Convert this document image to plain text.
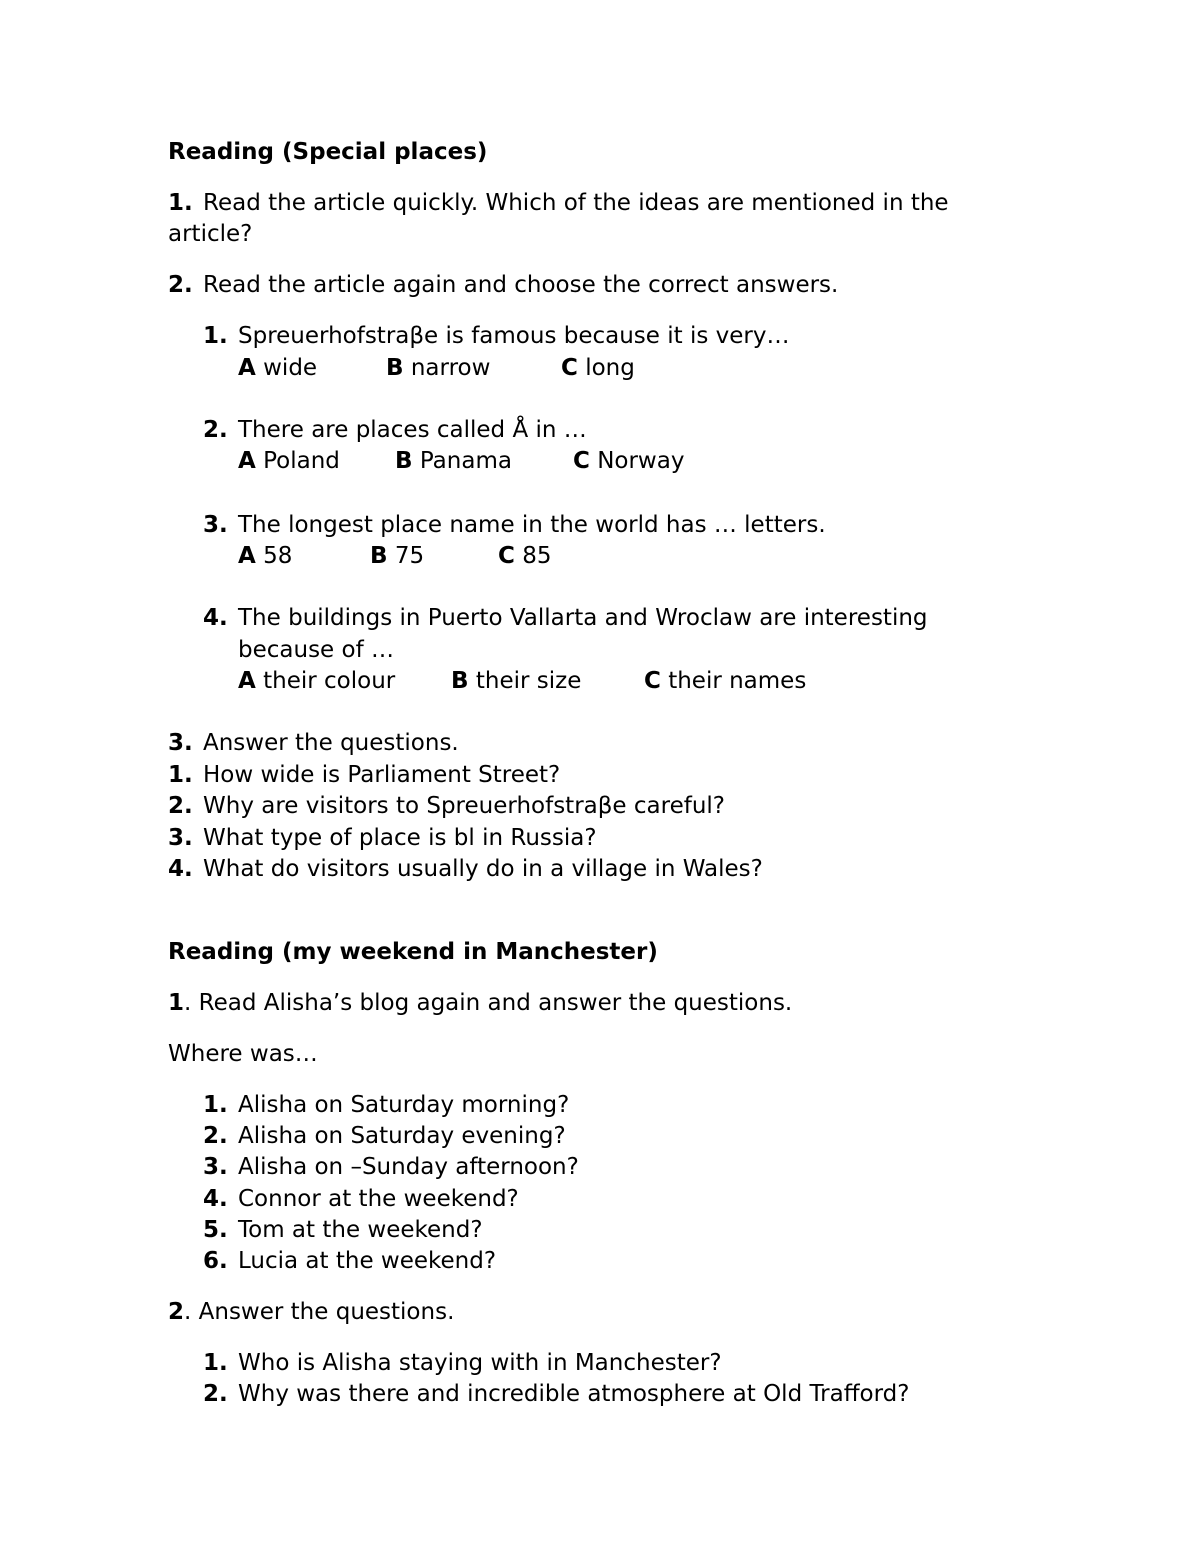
Reading (Special places)
1. Read the article quickly. Which of the ideas are mentioned in the
article?
2. Read the article again and choose the correct answers.
1. Spreuerhofstraβe is famous because it is very…
A wide	B narrow	C long
2. There are places called Å in …
A Poland B Panama	C Norway
3. The longest place name in the world has … letters.
A 58	B 75	C 85
4. The buildings in Puerto Vallarta and Wroclaw are interesting
because of …
A their colour B their size	C their names
3. Answer the questions.
1. How wide is Parliament Street?
2. Why are visitors to Spreuerhofstraβe careful?
3. What type of place is bl in Russia?
4. What do visitors usually do in a village in Wales?
Reading (my weekend in Manchester)
1. Read Alisha’s blog again and answer the questions.
Where was…
1. Alisha on Saturday morning?
2. Alisha on Saturday evening?
3. Alisha on –Sunday afternoon?
4. Connor at the weekend?
5. Tom at the weekend?
6. Lucia at the weekend?
2. Answer the questions.
1. Who is Alisha staying with in Manchester?
2. Why was there and incredible atmosphere at Old Trafford?
